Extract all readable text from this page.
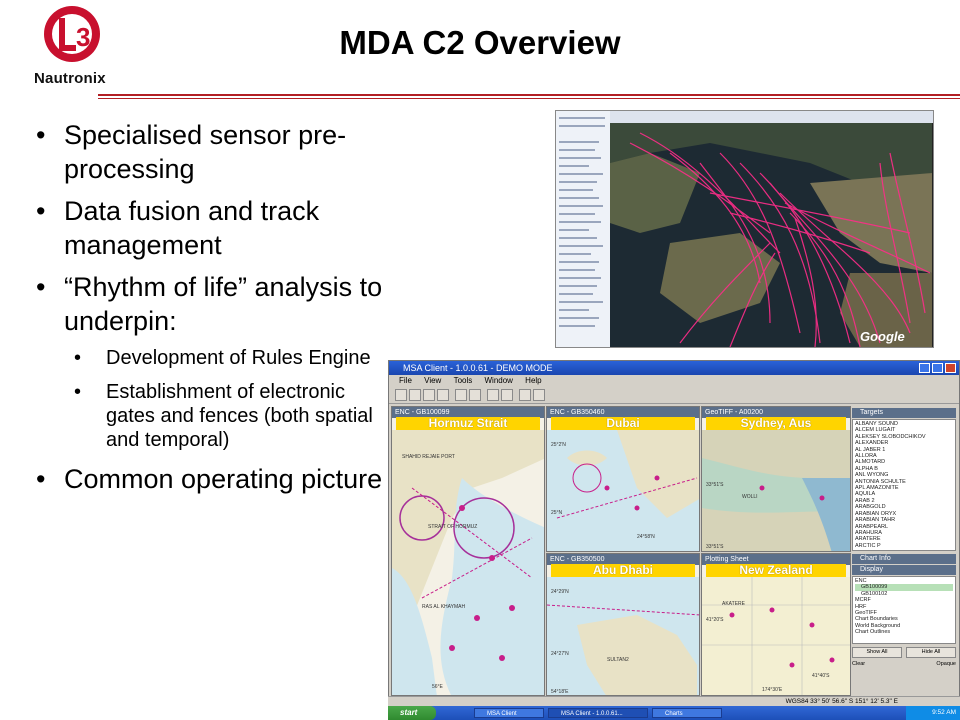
3
Nautronix
MDA C2 Overview
• Specialised sensor pre-processing
• Data fusion and track management
• “Rhythm of life” analysis to underpin:
• Development of Rules Engine
• Establishment of electronic gates and fences (both spatial and temporal)
• Common operating picture
Google
MSA Client - 1.0.0.61 - DEMO MODE
File View Tools Window Help
ENC - GB100099
Hormuz Strait
SHAHID REJAIE PORT
STRAIT OF HORMUZ
RAS AL KHAYMAH
56°E
ENC - GB350460
Dubai
25°2'N
25°N
24°58'N
GeoTIFF - A00200
Sydney, Aus
33°51'S
WOLLI
33°51'S
ENC - GB350500
Abu Dhabi
24°29'N
24°27'N
SULTAN2
54°18'E
Plotting Sheet
New Zealand
41°20'S
AKATERE
41°40'S
174°30'E
Targets
ALBANY SOUND
ALCEM LUGAIT
ALEKSEY SLOBODCHIKOV
ALEXANDER
AL JABER 1
ALLORA
ALMOTARD
ALPHA B
ANL WYONG
ANTONIA SCHULTE
APL AMAZONITE
AQUILA
ARAB 2
ARABGOLD
ARABIAN ORYX
ARABIAN TAHR
ARABPEARL
ARAHURA
ARATERE
ARCTIC P
Chart Info
Display
ENC
GB100099
GB100102
MCRF
HRF
GeoTIFF
Chart Boundaries
World Background
Chart Outlines
Show All	Hide All
Clear	Opaque
WGS84 33° 50' 56.6" S 151° 12' 5.3" E
start	MSA Client	MSA Client - 1.0.0.61...	Charts	9:52 AM
